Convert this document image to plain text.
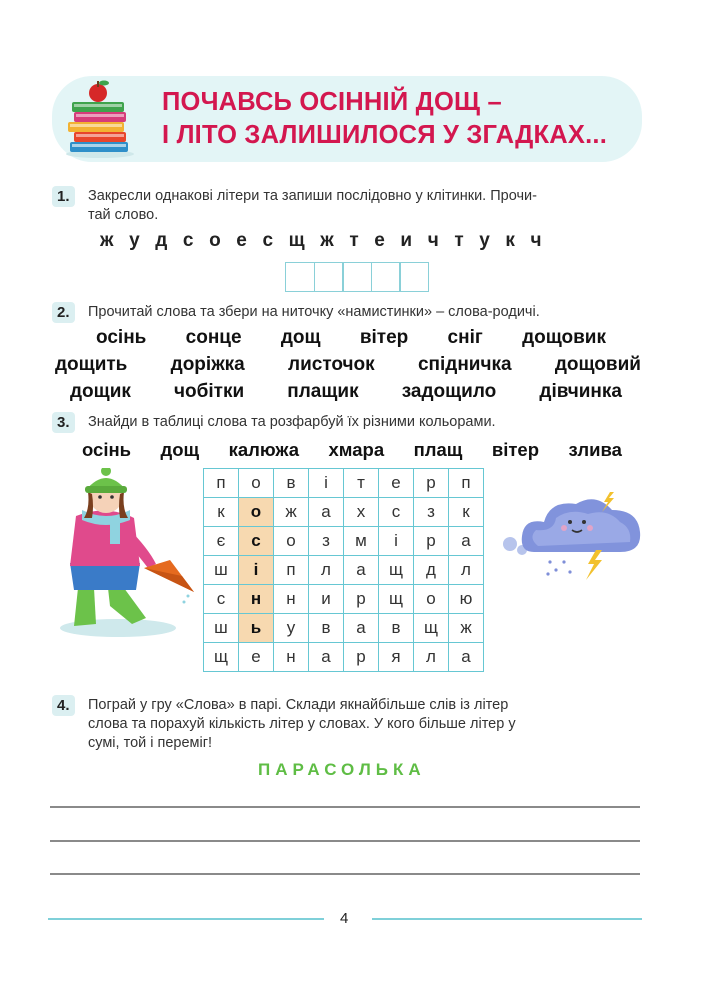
ПОЧАВСЬ ОСІННІЙ ДОЩ –
І ЛІТО ЗАЛИШИЛОСЯ У ЗГАДКАХ...
1.	Закресли однакові літери та запиши послідовно у клітинки. Прочи-
тай слово.
ж у д с о е с щ ж т е и ч т у к ч
2.	Прочитай слова та збери на ниточку «намистинки» – слова-родичі.
осінь сонце дощ вітер сніг дощовик
дощить доріжка листочок спідничка дощовий
дощик чобітки плащик задощило дівчинка
3.	Знайди в таблиці слова та розфарбуй їх різними кольорами.
осінь дощ калюжа хмара плащ вітер злива
п	о	в	і	т	е	р	п
к	о	ж	а	х	с	з	к
є	с	о	з	м	і	р	а
ш	і	п	л	а	щ	д	л
с	н	н	и	р	щ	о	ю
ш	ь	у	в	а	в	щ	ж
щ	е	н	а	р	я	л	а
4.	Пограй у гру «Слова» в парі. Склади якнайбільше слів із літер
слова та порахуй кількість літер у словах. У кого більше літер у
сумі, той і переміг!
ПАРАСОЛЬКА
4
